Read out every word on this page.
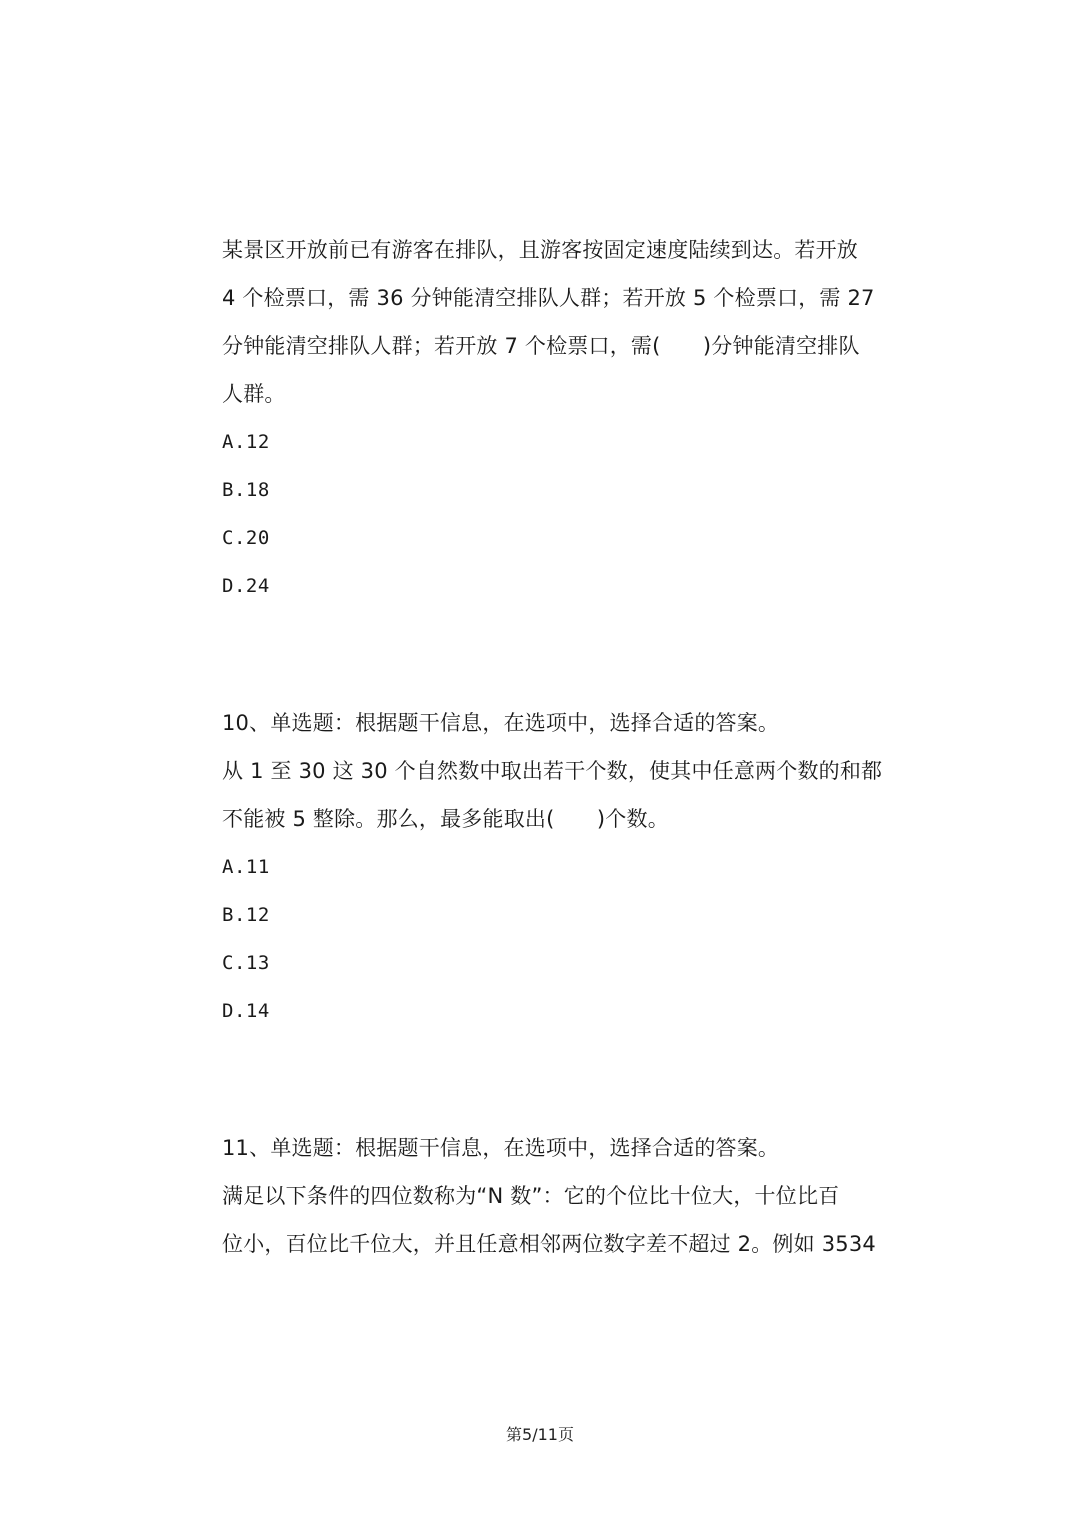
某景区开放前已有游客在排队，且游客按固定速度陆续到达。若开放
4 个检票口，需 36 分钟能清空排队人群；若开放 5 个检票口，需 27
分钟能清空排队人群；若开放 7 个检票口，需(　　)分钟能清空排队
人群。
A.12
B.18
C.20
D.24
10、单选题：根据题干信息，在选项中，选择合适的答案。
从 1 至 30 这 30 个自然数中取出若干个数，使其中任意两个数的和都
不能被 5 整除。那么，最多能取出(　　)个数。
A.11
B.12
C.13
D.14
11、单选题：根据题干信息，在选项中，选择合适的答案。
满足以下条件的四位数称为“N 数”：它的个位比十位大，十位比百
位小，百位比千位大，并且任意相邻两位数字差不超过 2。例如 3534
第5/11页
